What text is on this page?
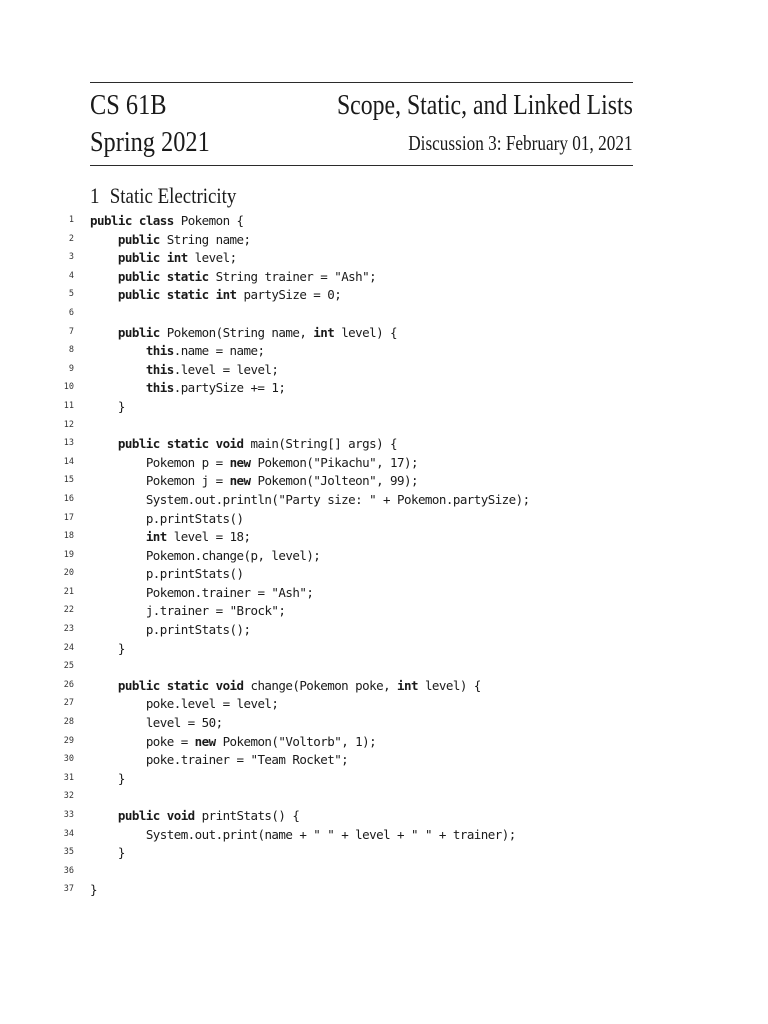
CS 61B
Spring 2021
Scope, Static, and Linked Lists
Discussion 3: February 01, 2021
1 Static Electricity
1 public class Pokemon {
2	public String name;
3	public int level;
4	public static String trainer = "Ash";
5	public static int partySize = 0;
6
7	public Pokemon(String name, int level) {
8	this.name = name;
9	this.level = level;
10	this.partySize += 1;
11 }
12
13	public static void main(String[] args) {
14	Pokemon p = new Pokemon("Pikachu", 17);
15	Pokemon j = new Pokemon("Jolteon", 99);
16	System.out.println("Party size: " + Pokemon.partySize);
17	p.printStats()
18	int level = 18;
19	Pokemon.change(p, level);
20	p.printStats()
21	Pokemon.trainer = "Ash";
22	j.trainer = "Brock";
23	p.printStats();
24 }
25
26	public static void change(Pokemon poke, int level) {
27	poke.level = level;
28	level = 50;
29	poke = new Pokemon("Voltorb", 1);
30	poke.trainer = "Team Rocket";
31 }
32
33	public void printStats() {
34	System.out.print(name + " " + level + " " + trainer);
35 }
36
37 }
